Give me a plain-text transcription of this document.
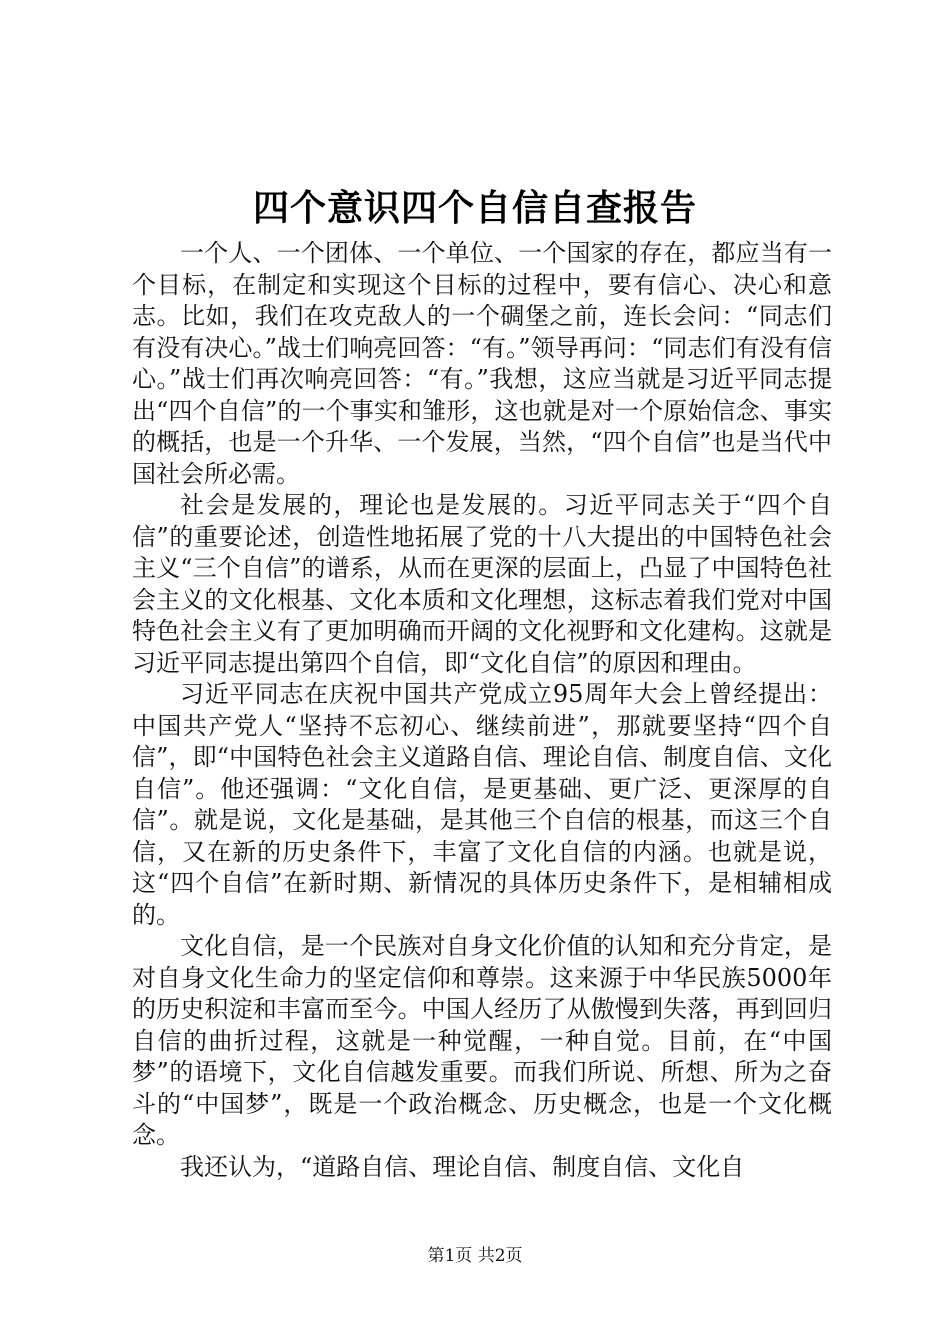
四个意识四个自信自查报告

一个人、一个团体、一个单位、一个国家的存在，都应当有一个目标，在制定和实现这个目标的过程中，要有信心、决心和意志。比如，我们在攻克敌人的一个碉堡之前，连长会问：“同志们有没有决心。”战士们响亮回答：“有。”领导再问：“同志们有没有信心。”战士们再次响亮回答：“有。”我想，这应当就是习近平同志提出“四个自信”的一个事实和雏形，这也就是对一个原始信念、事实的概括，也是一个升华、一个发展，当然，“四个自信”也是当代中国社会所必需。

社会是发展的，理论也是发展的。习近平同志关于“四个自信”的重要论述，创造性地拓展了党的十八大提出的中国特色社会主义“三个自信”的谱系，从而在更深的层面上，凸显了中国特色社会主义的文化根基、文化本质和文化理想，这标志着我们党对中国特色社会主义有了更加明确而开阔的文化视野和文化建构。这就是习近平同志提出第四个自信，即“文化自信”的原因和理由。

习近平同志在庆祝中国共产党成立95周年大会上曾经提出：中国共产党人“坚持不忘初心、继续前进”，那就要坚持“四个自信”，即“中国特色社会主义道路自信、理论自信、制度自信、文化自信”。他还强调：“文化自信，是更基础、更广泛、更深厚的自信”。就是说，文化是基础，是其他三个自信的根基，而这三个自信，又在新的历史条件下，丰富了文化自信的内涵。也就是说，这“四个自信”在新时期、新情况的具体历史条件下，是相辅相成的。

文化自信，是一个民族对自身文化价值的认知和充分肯定，是对自身文化生命力的坚定信仰和尊崇。这来源于中华民族5000年的历史积淀和丰富而至今。中国人经历了从傲慢到失落，再到回归自信的曲折过程，这就是一种觉醒，一种自觉。目前，在“中国梦”的语境下，文化自信越发重要。而我们所说、所想、所为之奋斗的“中国梦”，既是一个政治概念、历史概念，也是一个文化概念。

我还认为，“道路自信、理论自信、制度自信、文化自

第1页 共2页
